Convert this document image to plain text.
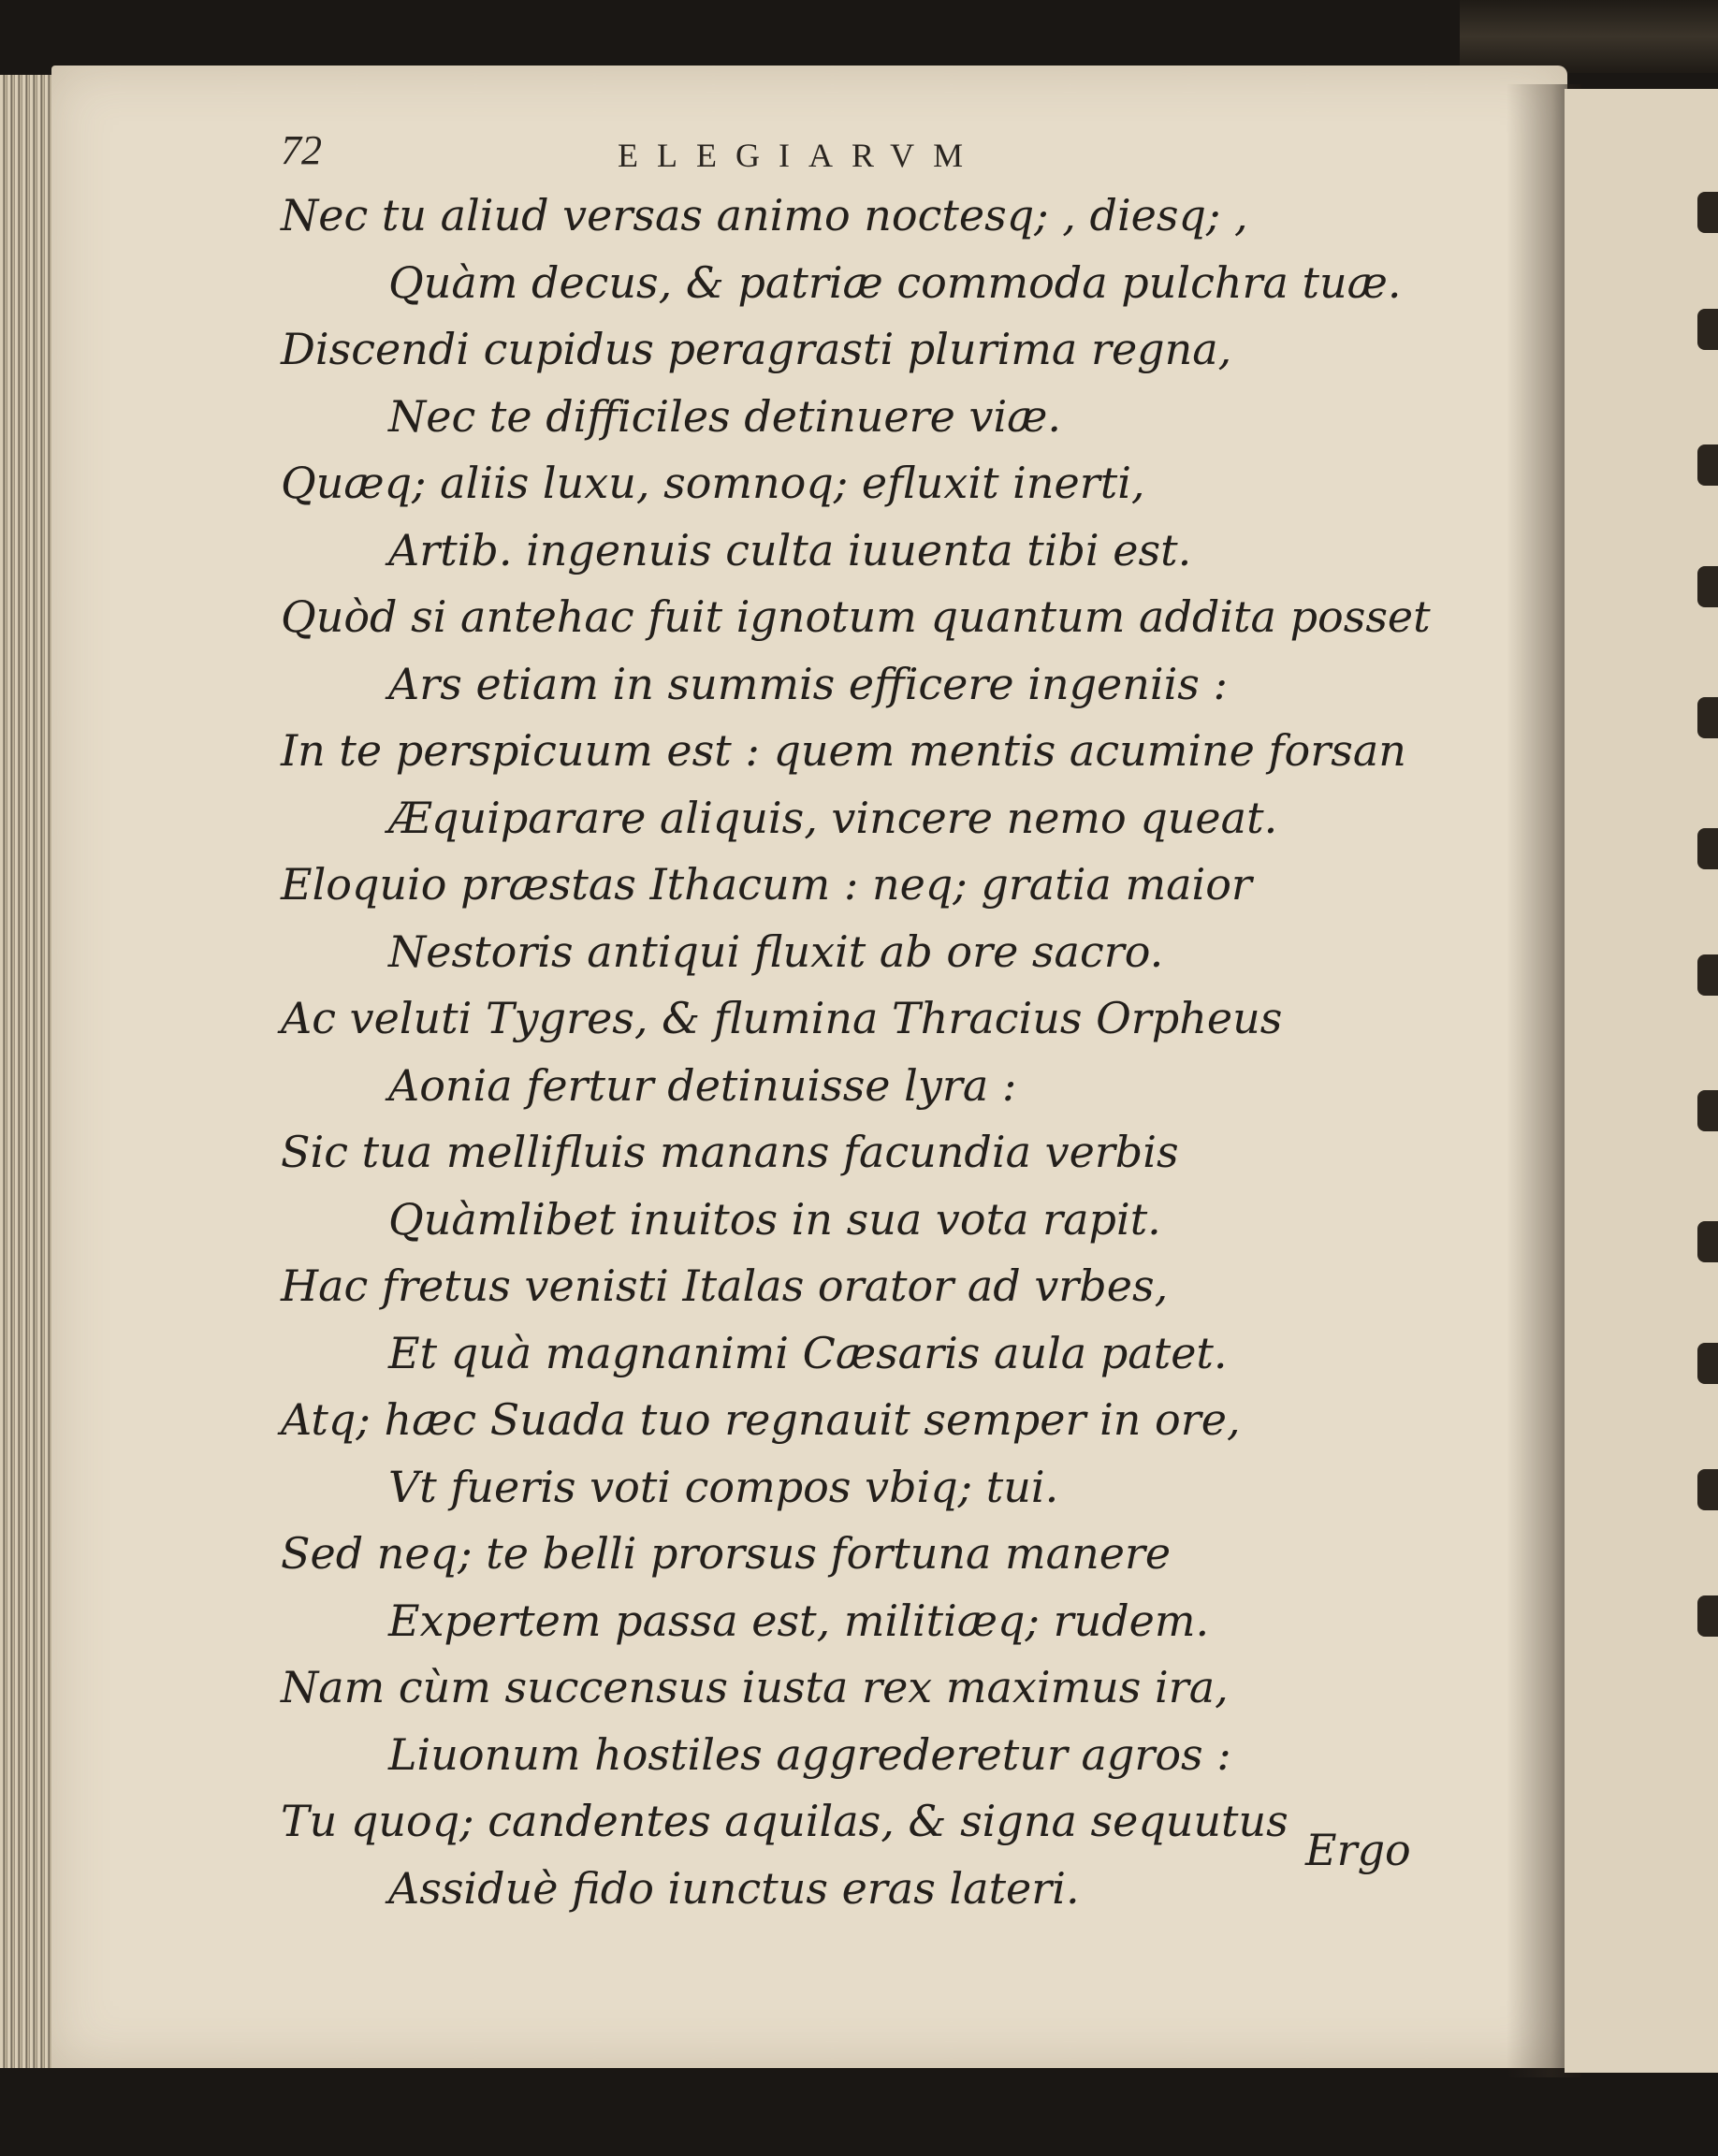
72	ELEGIARVM
Nec tu aliud versas animo noctesq; , diesq; ,
Quàm decus, & patriæ commoda pulchra tuæ.
Discendi cupidus peragrasti plurima regna,
Nec te difficiles detinuere viæ.
Quæq; aliis luxu, somnoq; efluxit inerti,
Artib. ingenuis culta iuuenta tibi est.
Quòd si antehac fuit ignotum quantum addita posset
Ars etiam in summis efficere ingeniis :
In te perspicuum est : quem mentis acumine forsan
Æquiparare aliquis, vincere nemo queat.
Eloquio præstas Ithacum : neq; gratia maior
Nestoris antiqui fluxit ab ore sacro.
Ac veluti Tygres, & flumina Thracius Orpheus
Aonia fertur detinuisse lyra :
Sic tua mellifluis manans facundia verbis
Quàmlibet inuitos in sua vota rapit.
Hac fretus venisti Italas orator ad vrbes,
Et quà magnanimi Cæsaris aula patet.
Atq; hæc Suada tuo regnauit semper in ore,
Vt fueris voti compos vbiq; tui.
Sed neq; te belli prorsus fortuna manere
Expertem passa est, militiæq; rudem.
Nam cùm succensus iusta rex maximus ira,
Liuonum hostiles aggrederetur agros :
Tu quoq; candentes aquilas, & signa sequutus
Assiduè fido iunctus eras lateri.
Ergo
